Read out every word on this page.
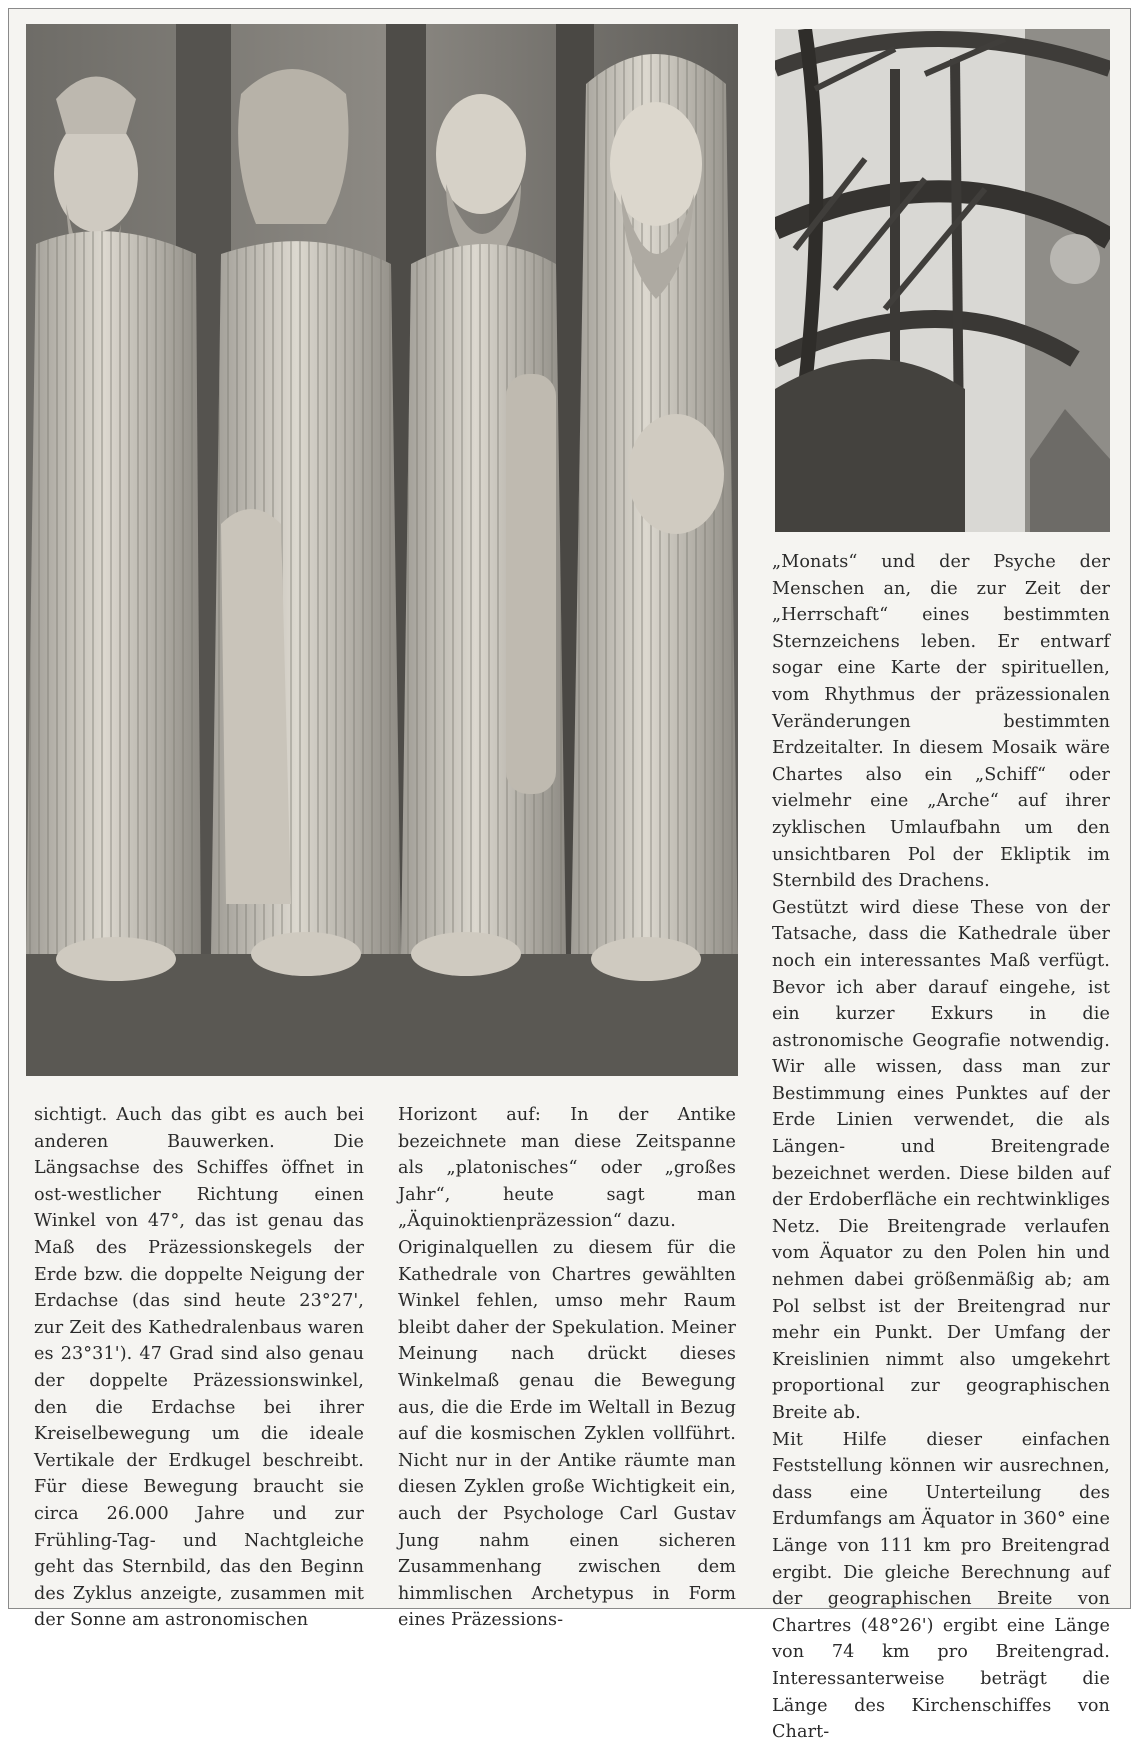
sichtigt. Auch das gibt es auch bei anderen Bauwerken. Die Längsachse des Schiffes öffnet in ost-westlicher Richtung einen Winkel von 47°, das ist genau das Maß des Präzessionskegels der Erde bzw. die doppelte Neigung der Erdachse (das sind heute 23°27', zur Zeit des Kathedralenbaus waren es 23°31'). 47 Grad sind also genau der doppelte Präzessionswinkel, den die Erdachse bei ihrer Kreiselbewegung um die ideale Vertikale der Erdkugel beschreibt. Für diese Bewegung braucht sie circa 26.000 Jahre und zur Frühling-Tag- und Nachtgleiche geht das Sternbild, das den Beginn des Zyklus anzeigte, zusammen mit der Sonne am astronomischen

Horizont auf: In der Antike bezeichnete man diese Zeitspanne als „platonisches“ oder „großes Jahr“, heute sagt man „Äquinoktienpräzession“ dazu.

Originalquellen zu diesem für die Kathedrale von Chartres gewählten Winkel fehlen, umso mehr Raum bleibt daher der Spekulation. Meiner Meinung nach drückt dieses Winkelmaß genau die Bewegung aus, die die Erde im Weltall in Bezug auf die kosmischen Zyklen vollführt. Nicht nur in der Antike räumte man diesen Zyklen große Wichtigkeit ein, auch der Psychologe Carl Gustav Jung nahm einen sicheren Zusammenhang zwischen dem himmlischen Archetypus in Form eines Präzessions-

„Monats“ und der Psyche der Menschen an, die zur Zeit der „Herrschaft“ eines bestimmten Sternzeichens leben. Er entwarf sogar eine Karte der spirituellen, vom Rhythmus der präzessionalen Veränderungen bestimmten Erdzeitalter. In diesem Mosaik wäre Chartes also ein „Schiff“ oder vielmehr eine „Arche“ auf ihrer zyklischen Umlaufbahn um den unsichtbaren Pol der Ekliptik im Sternbild des Drachens.

Gestützt wird diese These von der Tatsache, dass die Kathedrale über noch ein interessantes Maß verfügt. Bevor ich aber darauf eingehe, ist ein kurzer Exkurs in die astronomische Geografie notwendig. Wir alle wissen, dass man zur Bestimmung eines Punktes auf der Erde Linien verwendet, die als Längen- und Breitengrade bezeichnet werden. Diese bilden auf der Erdoberfläche ein rechtwinkliges Netz. Die Breitengrade verlaufen vom Äquator zu den Polen hin und nehmen dabei größenmäßig ab; am Pol selbst ist der Breitengrad nur mehr ein Punkt. Der Umfang der Kreislinien nimmt also umgekehrt proportional zur geographischen Breite ab.

Mit Hilfe dieser einfachen Feststellung können wir ausrechnen, dass eine Unterteilung des Erdumfangs am Äquator in 360° eine Länge von 111 km pro Breitengrad ergibt. Die gleiche Berechnung auf der geographischen Breite von Chartres (48°26') ergibt eine Länge von 74 km pro Breitengrad. Interessanterweise beträgt die Länge des Kirchenschiffes von Chart-
